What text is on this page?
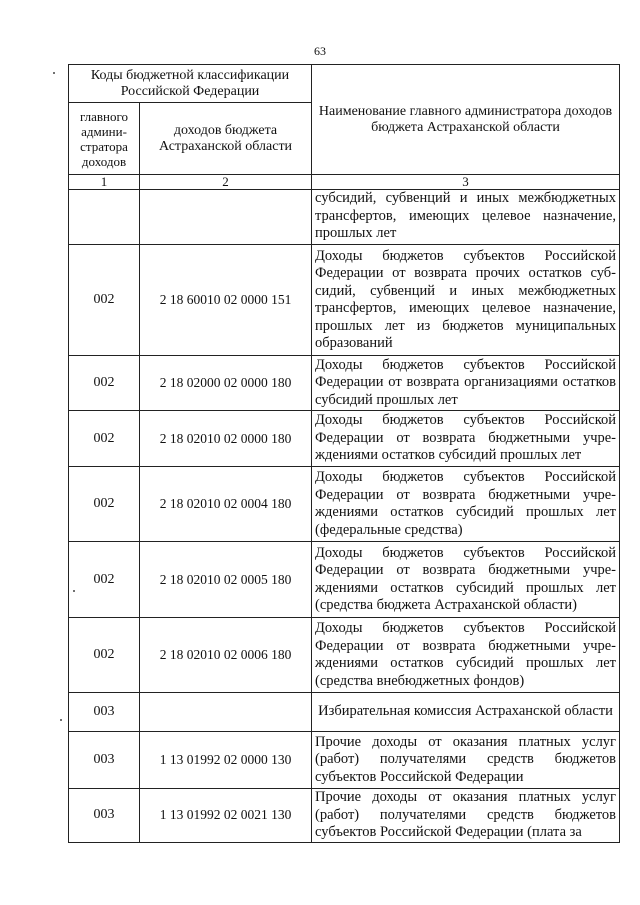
63
Коды бюджетной классификации Российской Федерации		Наименование главного администратора доходов бюджета Астраханской области
главного админи-стратора доходов	доходов бюджета Астраханской области	
1	2	3
		субсидий, субвенций и иных межбюджетных трансфертов, имеющих целевое назначение, прошлых лет
002	2 18 60010 02 0000 151	Доходы бюджетов субъектов Российской Федерации от возврата прочих остатков суб-сидий, субвенций и иных межбюджетных трансфертов, имеющих целевое назначение, прошлых лет из бюджетов муниципальных образований
002	2 18 02000 02 0000 180	Доходы бюджетов субъектов Российской Федерации от возврата организациями остатков субсидий прошлых лет
002	2 18 02010 02 0000 180	Доходы бюджетов субъектов Российской Федерации от возврата бюджетными учре-ждениями остатков субсидий прошлых лет
002	2 18 02010 02 0004 180	Доходы бюджетов субъектов Российской Федерации от возврата бюджетными учре-ждениями остатков субсидий прошлых лет (федеральные средства)
002	2 18 02010 02 0005 180	Доходы бюджетов субъектов Российской Федерации от возврата бюджетными учре-ждениями остатков субсидий прошлых лет (средства бюджета Астраханской области)
002	2 18 02010 02 0006 180	Доходы бюджетов субъектов Российской Федерации от возврата бюджетными учре-ждениями остатков субсидий прошлых лет (средства внебюджетных фондов)
003		Избирательная комиссия Астраханской области
003	1 13 01992 02 0000 130	Прочие доходы от оказания платных услуг (работ) получателями средств бюджетов субъектов Российской Федерации
003	1 13 01992 02 0021 130	Прочие доходы от оказания платных услуг (работ) получателями средств бюджетов субъектов Российской Федерации (плата за
